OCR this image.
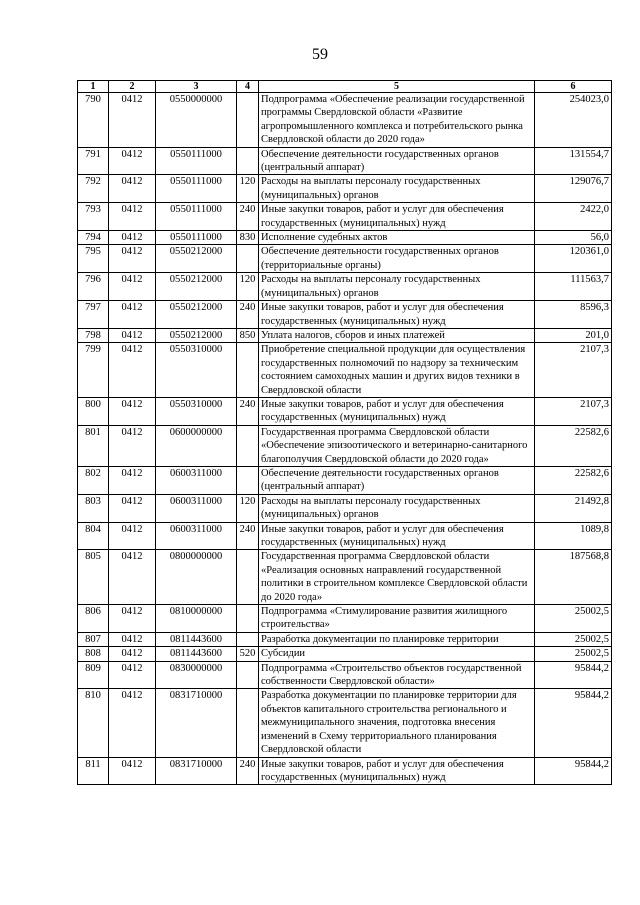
59
1	2	3	4	5	6
790	0412	0550000000		Подпрограмма «Обеспечение реализации государственной программы Свердловской области «Развитие агропромышленного комплекса и потребительского рынка Свердловской области до 2020 года»	254023,0
791	0412	0550111000		Обеспечение деятельности государственных органов (центральный аппарат)	131554,7
792	0412	0550111000	120	Расходы на выплаты персоналу государственных (муниципальных) органов	129076,7
793	0412	0550111000	240	Иные закупки товаров, работ и услуг для обеспечения государственных (муниципальных) нужд	2422,0
794	0412	0550111000	830	Исполнение судебных актов	56,0
795	0412	0550212000		Обеспечение деятельности государственных органов (территориальные органы)	120361,0
796	0412	0550212000	120	Расходы на выплаты персоналу государственных (муниципальных) органов	111563,7
797	0412	0550212000	240	Иные закупки товаров, работ и услуг для обеспечения государственных (муниципальных) нужд	8596,3
798	0412	0550212000	850	Уплата налогов, сборов и иных платежей	201,0
799	0412	0550310000		Приобретение специальной продукции для осуществления государственных полномочий по надзору за техническим состоянием самоходных машин и других видов техники в Свердловской области	2107,3
800	0412	0550310000	240	Иные закупки товаров, работ и услуг для обеспечения государственных (муниципальных) нужд	2107,3
801	0412	0600000000		Государственная программа Свердловской области «Обеспечение эпизоотического и ветеринарно-санитарного благополучия Свердловской области до 2020 года»	22582,6
802	0412	0600311000		Обеспечение деятельности государственных органов (центральный аппарат)	22582,6
803	0412	0600311000	120	Расходы на выплаты персоналу государственных (муниципальных) органов	21492,8
804	0412	0600311000	240	Иные закупки товаров, работ и услуг для обеспечения государственных (муниципальных) нужд	1089,8
805	0412	0800000000		Государственная программа Свердловской области «Реализация основных направлений государственной политики в строительном комплексе Свердловской области до 2020 года»	187568,8
806	0412	0810000000		Подпрограмма «Стимулирование развития жилищного строительства»	25002,5
807	0412	0811443600		Разработка документации по планировке территории	25002,5
808	0412	0811443600	520	Субсидии	25002,5
809	0412	0830000000		Подпрограмма «Строительство объектов государственной собственности Свердловской области»	95844,2
810	0412	0831710000		Разработка документации по планировке территории для объектов капитального строительства регионального и межмуниципального значения, подготовка внесения изменений в Схему территориального планирования Свердловской области	95844,2
811	0412	0831710000	240	Иные закупки товаров, работ и услуг для обеспечения государственных (муниципальных) нужд	95844,2
